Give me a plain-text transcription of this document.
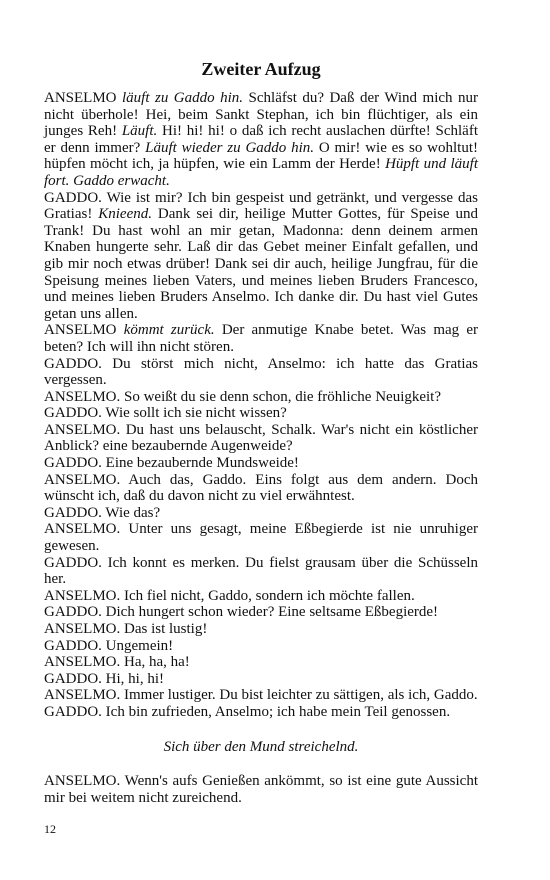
Zweiter Aufzug

ANSELMO läuft zu Gaddo hin. Schläfst du? Daß der Wind mich nur nicht überhole! Hei, beim Sankt Stephan, ich bin flüchtiger, als ein junges Reh! Läuft. Hi! hi! hi! o daß ich recht auslachen dürfte! Schläft er denn immer? Läuft wieder zu Gaddo hin. O mir! wie es so wohltut! hüpfen möcht ich, ja hüpfen, wie ein Lamm der Herde! Hüpft und läuft fort. Gaddo erwacht.

GADDO. Wie ist mir? Ich bin gespeist und getränkt, und vergesse das Gratias! Knieend. Dank sei dir, heilige Mutter Gottes, für Speise und Trank! Du hast wohl an mir getan, Madonna: denn deinem armen Knaben hungerte sehr. Laß dir das Gebet meiner Einfalt gefallen, und gib mir noch etwas drüber! Dank sei dir auch, heilige Jungfrau, für die Speisung meines lieben Vaters, und meines lieben Bruders Francesco, und meines lieben Bruders Anselmo. Ich danke dir. Du hast viel Gutes getan uns allen.

ANSELMO kömmt zurück. Der anmutige Knabe betet. Was mag er beten? Ich will ihn nicht stören.

GADDO. Du störst mich nicht, Anselmo: ich hatte das Gratias vergessen.

ANSELMO. So weißt du sie denn schon, die fröhliche Neuigkeit?

GADDO. Wie sollt ich sie nicht wissen?

ANSELMO. Du hast uns belauscht, Schalk. War's nicht ein köstlicher Anblick? eine bezaubernde Augenweide?

GADDO. Eine bezaubernde Mundsweide!

ANSELMO. Auch das, Gaddo. Eins folgt aus dem andern. Doch wünscht ich, daß du davon nicht zu viel erwähntest.

GADDO. Wie das?

ANSELMO. Unter uns gesagt, meine Eßbegierde ist nie unruhiger gewesen.

GADDO. Ich konnt es merken. Du fielst grausam über die Schüsseln her.

ANSELMO. Ich fiel nicht, Gaddo, sondern ich möchte fallen.

GADDO. Dich hungert schon wieder? Eine seltsame Eßbegierde!

ANSELMO. Das ist lustig!

GADDO. Ungemein!

ANSELMO. Ha, ha, ha!

GADDO. Hi, hi, hi!

ANSELMO. Immer lustiger. Du bist leichter zu sättigen, als ich, Gaddo.

GADDO. Ich bin zufrieden, Anselmo; ich habe mein Teil genossen.

Sich über den Mund streichelnd.

ANSELMO. Wenn's aufs Genießen ankömmt, so ist eine gute Aussicht mir bei weitem nicht zureichend.

12
